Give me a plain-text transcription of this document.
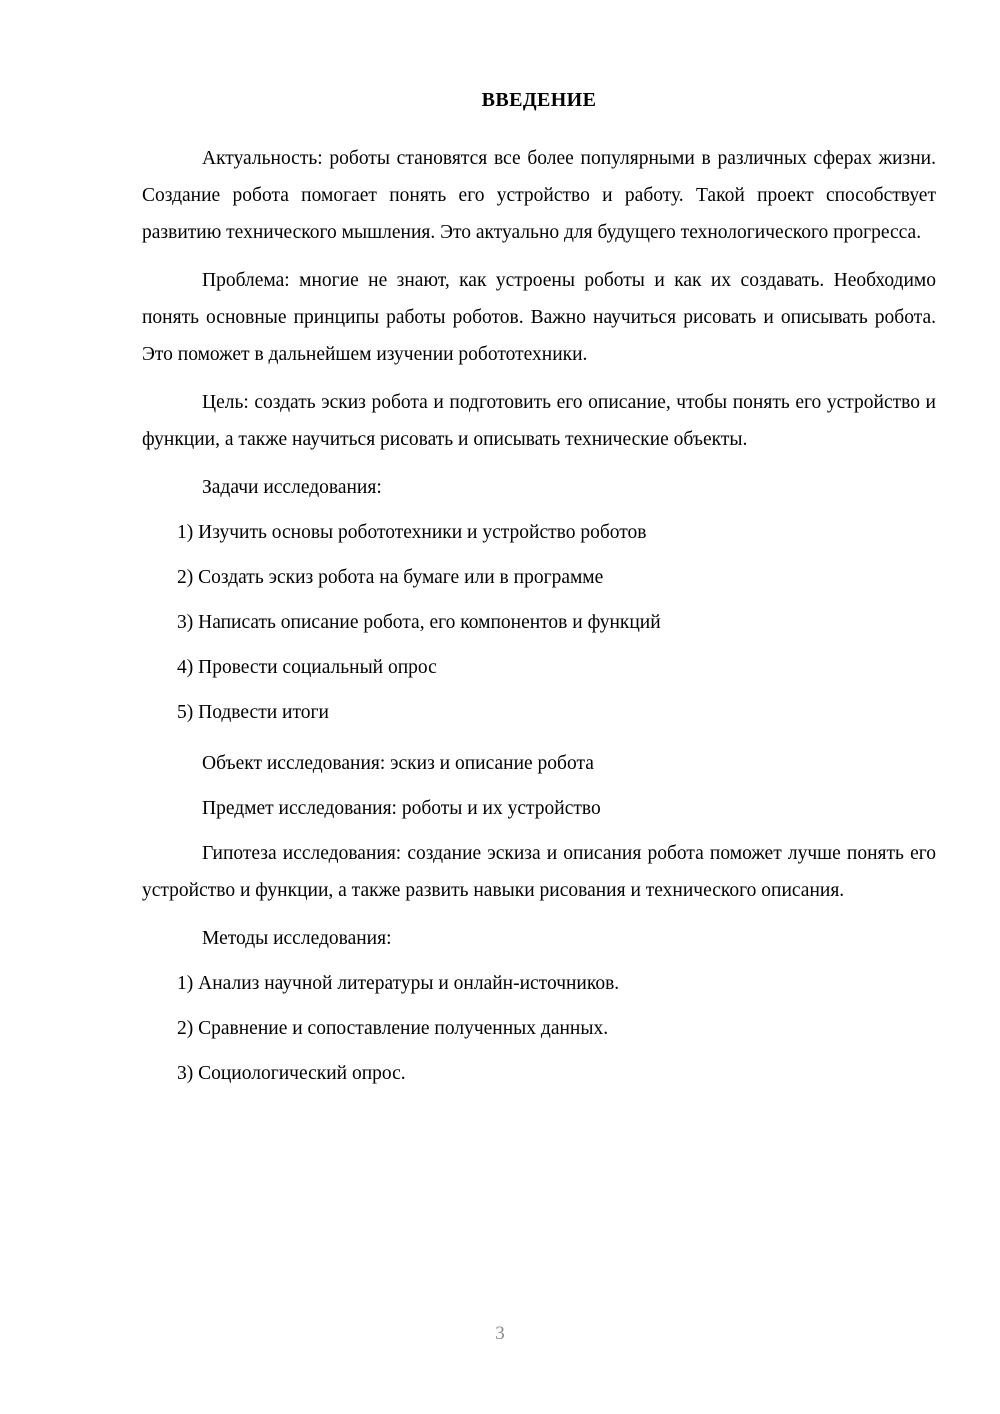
ВВЕДЕНИЕ

Актуальность: роботы становятся все более популярными в различных сферах жизни. Создание робота помогает понять его устройство и работу. Такой проект способствует развитию технического мышления. Это актуально для будущего технологического прогресса.

Проблема: многие не знают, как устроены роботы и как их создавать. Необходимо понять основные принципы работы роботов. Важно научиться рисовать и описывать робота. Это поможет в дальнейшем изучении робототехники.

Цель: создать эскиз робота и подготовить его описание, чтобы понять его устройство и функции, а также научиться рисовать и описывать технические объекты.

Задачи исследования:

1) Изучить основы робототехники и устройство роботов
2) Создать эскиз робота на бумаге или в программе
3) Написать описание робота, его компонентов и функций
4) Провести социальный опрос
5) Подвести итоги

Объект исследования: эскиз и описание робота

Предмет исследования: роботы и их устройство

Гипотеза исследования: создание эскиза и описания робота поможет лучше понять его устройство и функции, а также развить навыки рисования и технического описания.

Методы исследования:

1) Анализ научной литературы и онлайн-источников.
2) Сравнение и сопоставление полученных данных.
3) Социологический опрос.
3
